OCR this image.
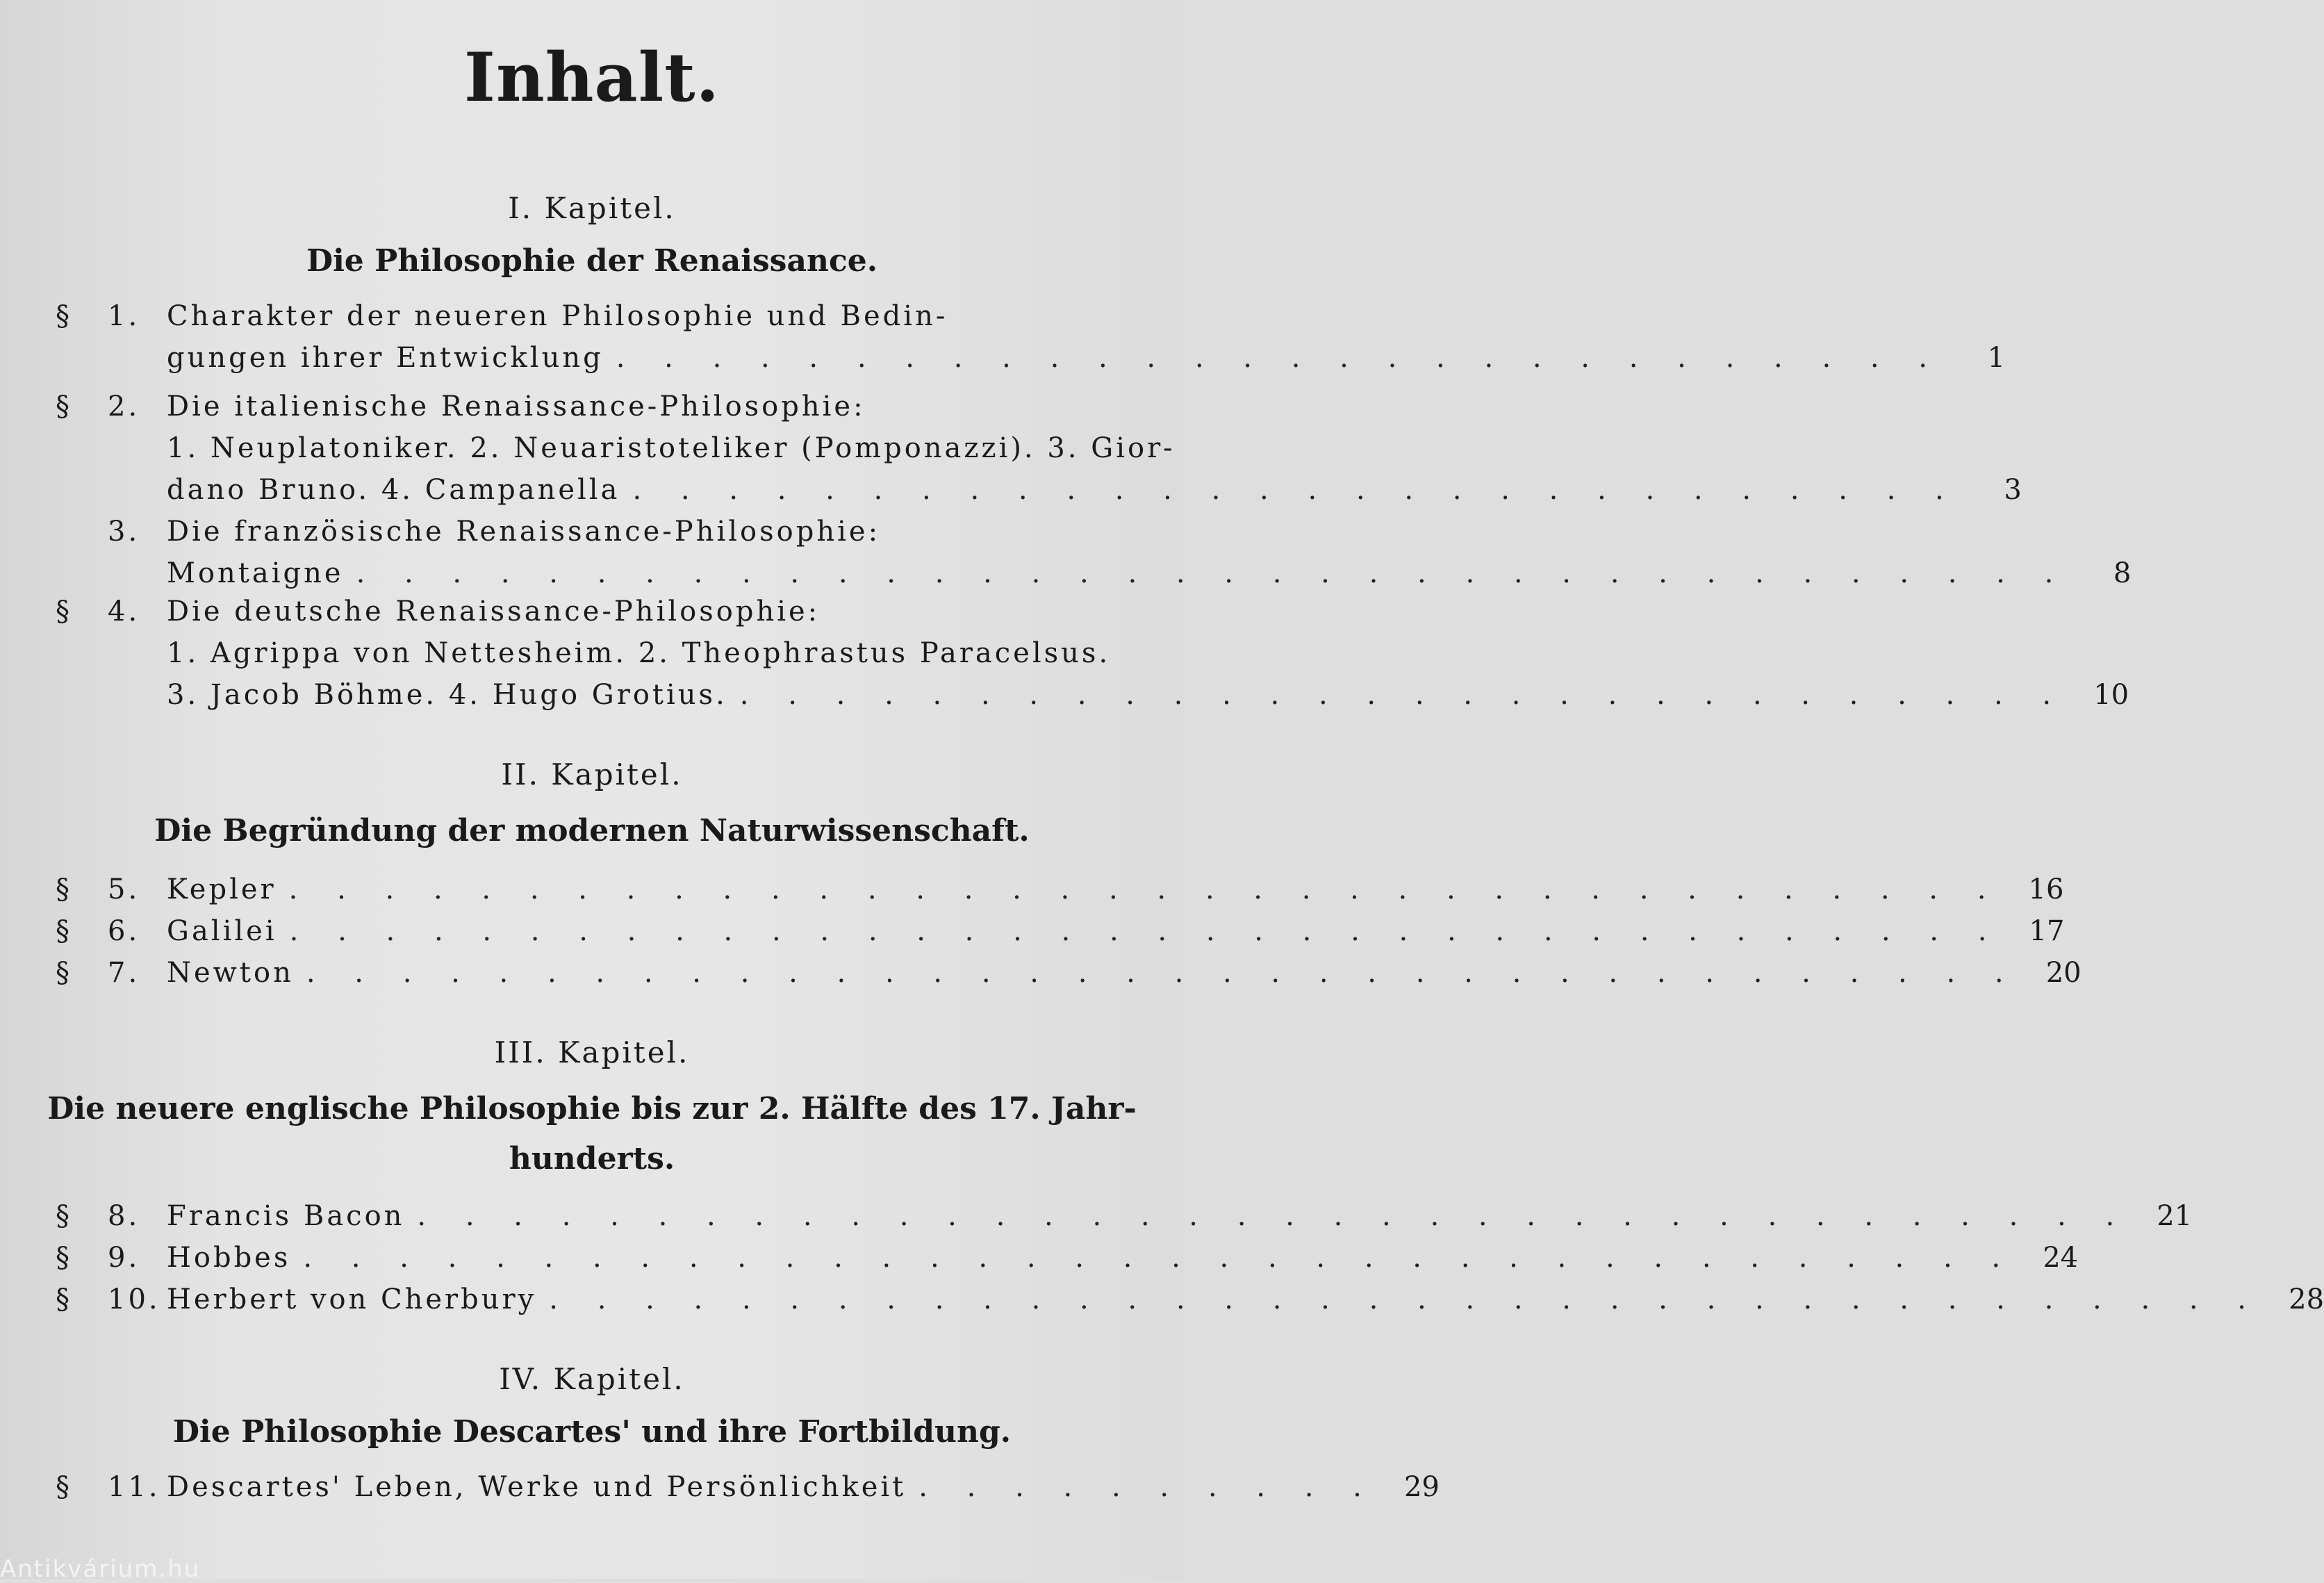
Inhalt.
I. Kapitel.
Die Philosophie der Renaissance.
§	1. Charakter der neueren Philosophie und Bedin-
gungen ihrer Entwicklung . . . . . . . . . . . . . . . . . . . . . . . . . . . .	1
§	2. Die italienische Renaissance-Philosophie:
1. Neuplatoniker. 2. Neuaristoteliker (Pomponazzi). 3. Gior-
dano Bruno. 4. Campanella . . . . . . . . . . . . . . . . . . . . . . . . . . . .	3
3. Die französische Renaissance-Philosophie:
Montaigne . . . . . . . . . . . . . . . . . . . . . . . . . . . . . . . . . . . .	8
§	4. Die deutsche Renaissance-Philosophie:
1. Agrippa von Nettesheim. 2. Theophrastus Paracelsus.
3. Jacob Böhme. 4. Hugo Grotius. . . . . . . . . . . . . . . . . . . . . . . . . . . . . 10
II. Kapitel.
Die Begründung der modernen Naturwissenschaft.
§	5. Kepler . . . . . . . . . . . . . . . . . . . . . . . . . . . . . . . . . . . . 16
§	6. Galilei . . . . . . . . . . . . . . . . . . . . . . . . . . . . . . . . . . . . 17
§	7. Newton . . . . . . . . . . . . . . . . . . . . . . . . . . . . . . . . . . . . 20
III. Kapitel.
Die neuere englische Philosophie bis zur 2. Hälfte des 17. Jahr-
hunderts.
§	8. Francis Bacon . . . . . . . . . . . . . . . . . . . . . . . . . . . . . . . . . . . . 21
§	9. Hobbes . . . . . . . . . . . . . . . . . . . . . . . . . . . . . . . . . . . . 24
§	10. Herbert von Cherbury . . . . . . . . . . . . . . . . . . . . . . . . . . . . . . . . . . . . 28
IV. Kapitel.
Die Philosophie Descartes' und ihre Fortbildung.
§	11. Descartes' Leben, Werke und Persönlichkeit . . . . . . . . . . 29
Antikvárium.hu
